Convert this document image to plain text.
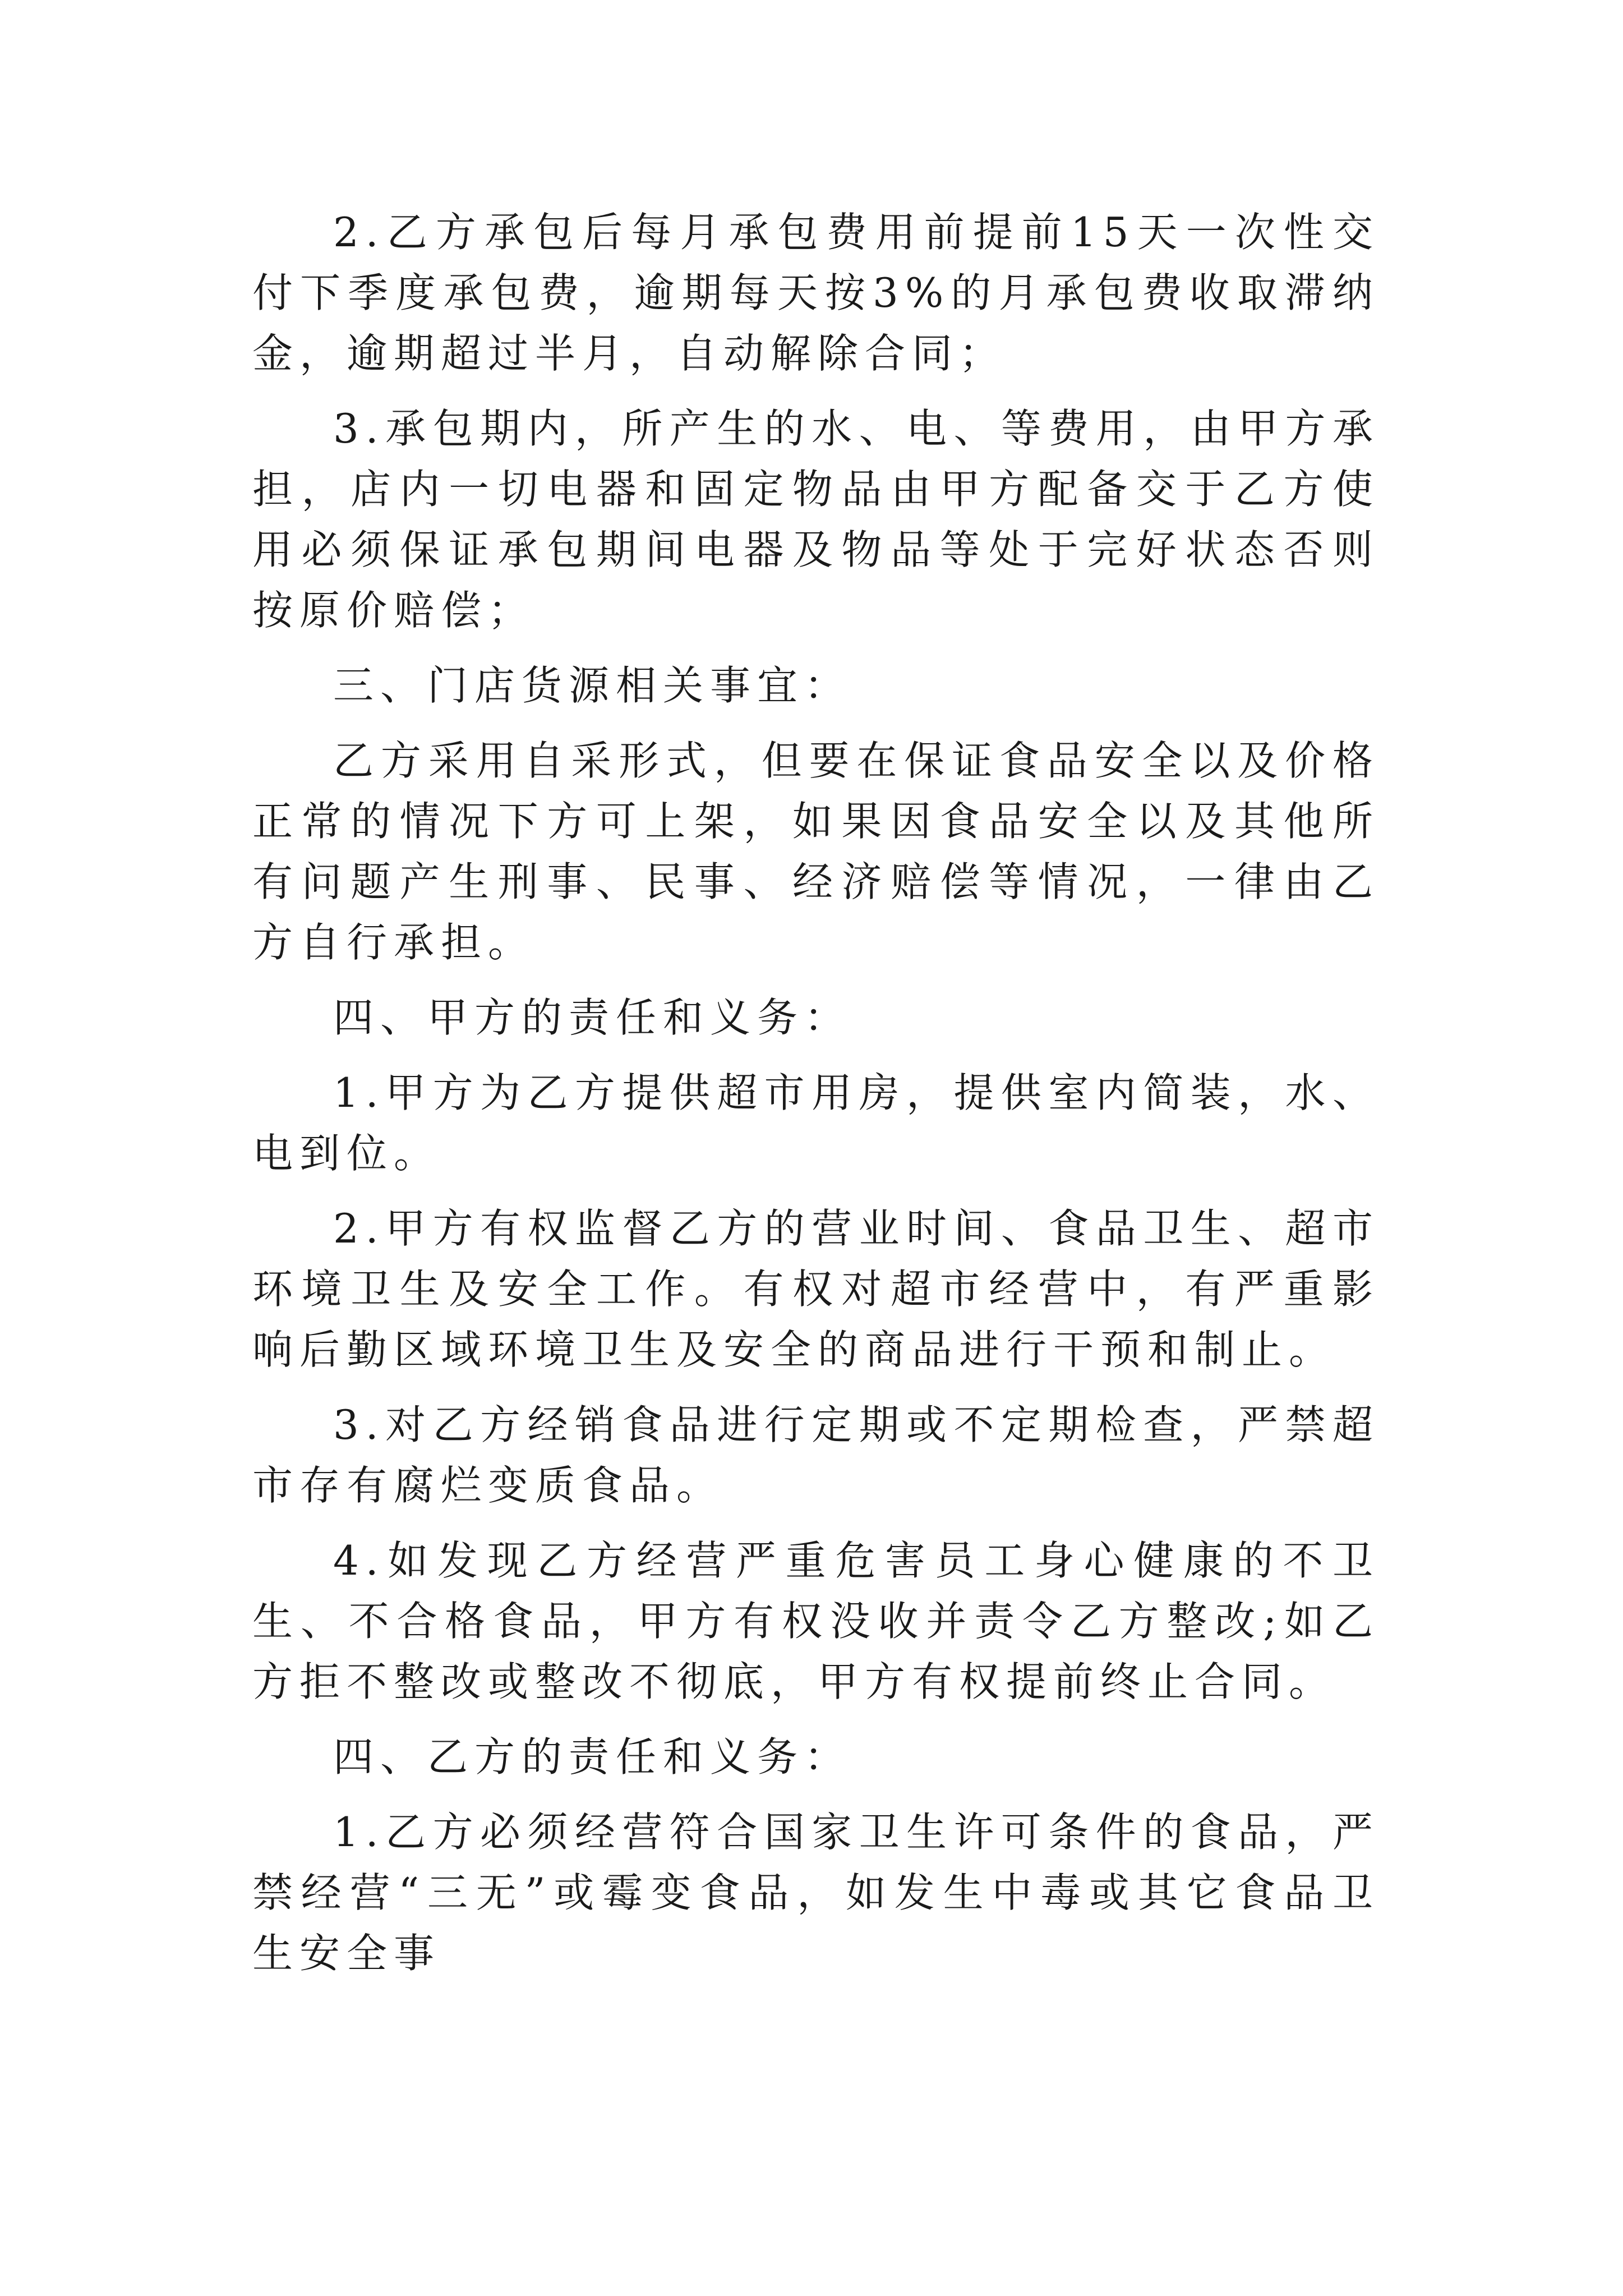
2.乙方承包后每月承包费用前提前15天一次性交付下季度承包费，逾期每天按3%的月承包费收取滞纳金，逾期超过半月，自动解除合同；

3.承包期内，所产生的水、电、等费用，由甲方承担，店内一切电器和固定物品由甲方配备交于乙方使用必须保证承包期间电器及物品等处于完好状态否则按原价赔偿；

三、门店货源相关事宜：

乙方采用自采形式，但要在保证食品安全以及价格正常的情况下方可上架，如果因食品安全以及其他所有问题产生刑事、民事、经济赔偿等情况，一律由乙方自行承担。

四、甲方的责任和义务：

1.甲方为乙方提供超市用房，提供室内简装，水、电到位。

2.甲方有权监督乙方的营业时间、食品卫生、超市环境卫生及安全工作。有权对超市经营中，有严重影响后勤区域环境卫生及安全的商品进行干预和制止。

3.对乙方经销食品进行定期或不定期检查，严禁超市存有腐烂变质食品。

4.如发现乙方经营严重危害员工身心健康的不卫生、不合格食品，甲方有权没收并责令乙方整改;如乙方拒不整改或整改不彻底，甲方有权提前终止合同。

四、乙方的责任和义务：

1.乙方必须经营符合国家卫生许可条件的食品，严禁经营“三无”或霉变食品，如发生中毒或其它食品卫生安全事
